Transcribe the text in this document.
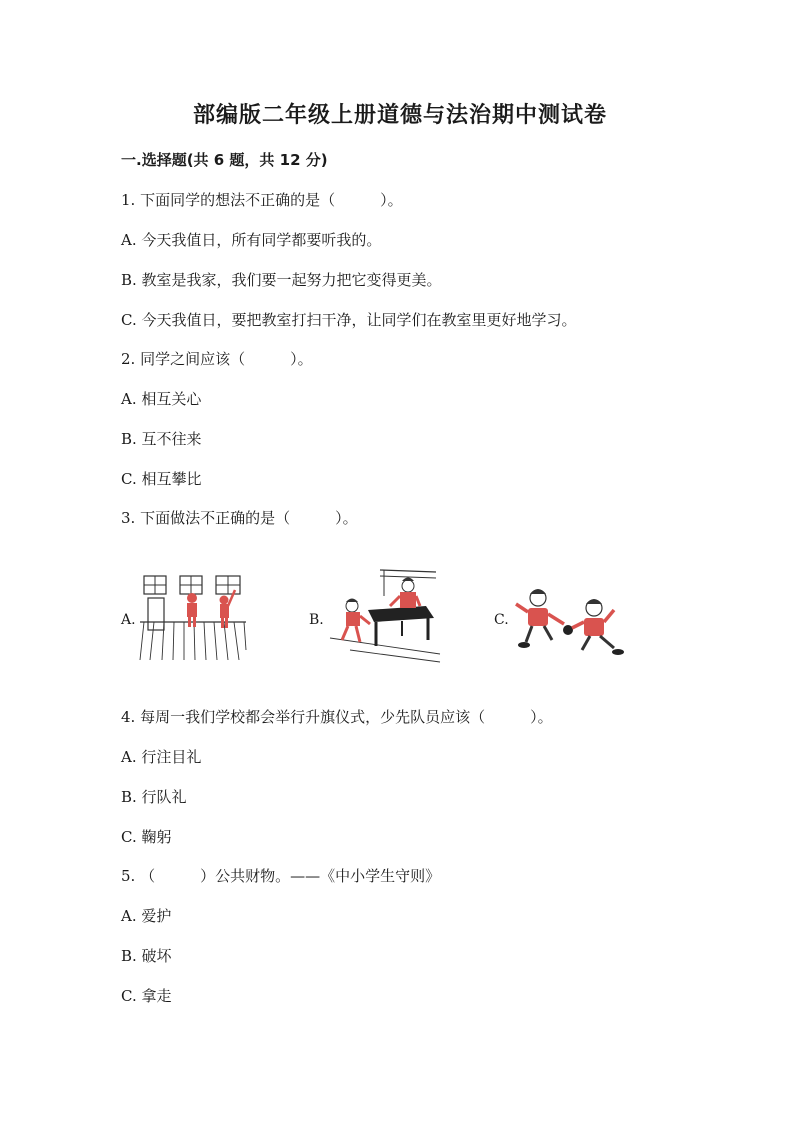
部编版二年级上册道德与法治期中测试卷
一.选择题(共 6 题，共 12 分)
1. 下面同学的想法不正确的是（　　　）。
A. 今天我值日，所有同学都要听我的。
B. 教室是我家，我们要一起努力把它变得更美。
C. 今天我值日，要把教室打扫干净，让同学们在教室里更好地学习。
2. 同学之间应该（　　　）。
A. 相互关心
B. 互不往来
C. 相互攀比
3. 下面做法不正确的是（　　　）。
A.	B.	C.
4. 每周一我们学校都会举行升旗仪式，少先队员应该（　　　）。
A. 行注目礼
B. 行队礼
C. 鞠躬
5. （　　　）公共财物。——《中小学生守则》
A. 爱护
B. 破坏
C. 拿走
